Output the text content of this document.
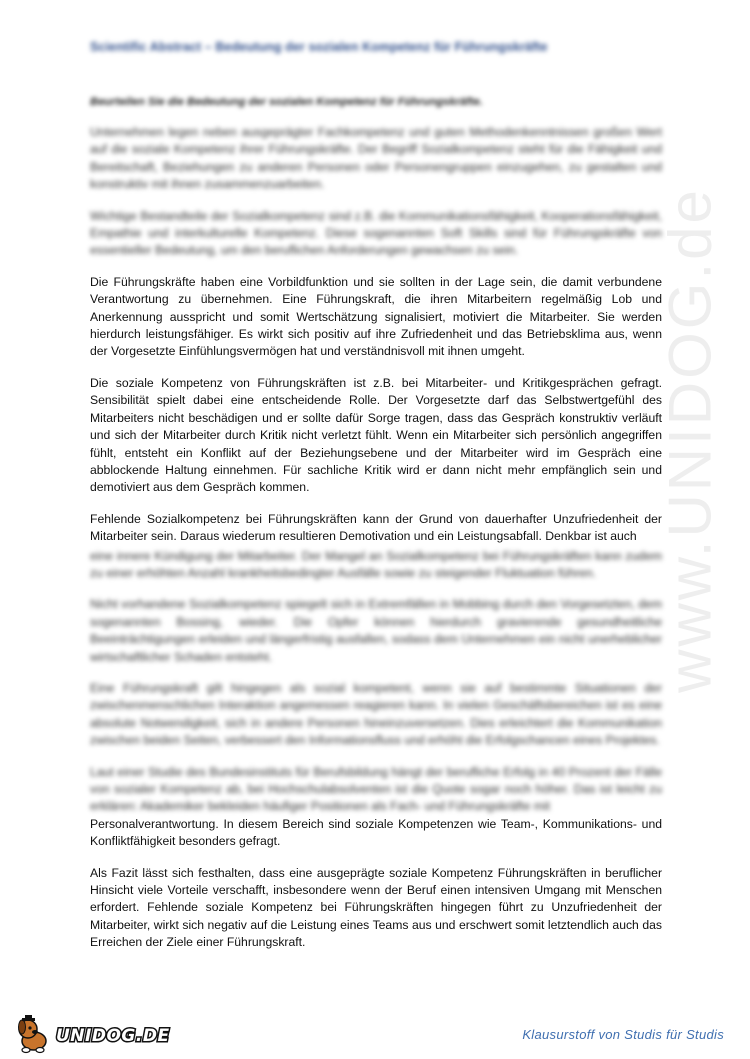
www.UNIDOG.de
Scientific Abstract – Bedeutung der sozialen Kompetenz für Führungskräfte
Beurteilen Sie die Bedeutung der sozialen Kompetenz für Führungskräfte.

Unternehmen legen neben ausgeprägter Fachkompetenz und guten Methodenkenntnissen großen Wert auf die soziale Kompetenz ihrer Führungskräfte. Der Begriff Sozialkompetenz steht für die Fähigkeit und Bereitschaft, Beziehungen zu anderen Personen oder Personengruppen einzugehen, zu gestalten und konstruktiv mit ihnen zusammenzuarbeiten.

Wichtige Bestandteile der Sozialkompetenz sind z.B. die Kommunikationsfähigkeit, Kooperationsfähigkeit, Empathie und interkulturelle Kompetenz. Diese sogenannten Soft Skills sind für Führungskräfte von essentieller Bedeutung, um den beruflichen Anforderungen gewachsen zu sein.

Die Führungskräfte haben eine Vorbildfunktion und sie sollten in der Lage sein, die damit verbundene Verantwortung zu übernehmen. Eine Führungskraft, die ihren Mitarbeitern regelmäßig Lob und Anerkennung ausspricht und somit Wertschätzung signalisiert, motiviert die Mitarbeiter. Sie werden hierdurch leistungsfähiger. Es wirkt sich positiv auf ihre Zufriedenheit und das Betriebsklima aus, wenn der Vorgesetzte Einfühlungsvermögen hat und verständnisvoll mit ihnen umgeht.

Die soziale Kompetenz von Führungskräften ist z.B. bei Mitarbeiter- und Kritikgesprächen gefragt. Sensibilität spielt dabei eine entscheidende Rolle. Der Vorgesetzte darf das Selbstwertgefühl des Mitarbeiters nicht beschädigen und er sollte dafür Sorge tragen, dass das Gespräch konstruktiv verläuft und sich der Mitarbeiter durch Kritik nicht verletzt fühlt. Wenn ein Mitarbeiter sich persönlich angegriffen fühlt, entsteht ein Konflikt auf der Beziehungsebene und der Mitarbeiter wird im Gespräch eine abblockende Haltung einnehmen. Für sachliche Kritik wird er dann nicht mehr empfänglich sein und demotiviert aus dem Gespräch kommen.

Fehlende Sozialkompetenz bei Führungskräften kann der Grund von dauerhafter Unzufriedenheit der Mitarbeiter sein. Daraus wiederum resultieren Demotivation und ein Leistungsabfall. Denkbar ist auch

eine innere Kündigung der Mitarbeiter. Der Mangel an Sozialkompetenz bei Führungskräften kann zudem zu einer erhöhten Anzahl krankheitsbedingter Ausfälle sowie zu steigender Fluktuation führen.

Nicht vorhandene Sozialkompetenz spiegelt sich in Extremfällen in Mobbing durch den Vorgesetzten, dem sogenannten Bossing, wieder. Die Opfer können hierdurch gravierende gesundheitliche Beeinträchtigungen erleiden und längerfristig ausfallen, sodass dem Unternehmen ein nicht unerheblicher wirtschaftlicher Schaden entsteht.

Eine Führungskraft gilt hingegen als sozial kompetent, wenn sie auf bestimmte Situationen der zwischenmenschlichen Interaktion angemessen reagieren kann. In vielen Geschäftsbereichen ist es eine absolute Notwendigkeit, sich in andere Personen hineinzuversetzen. Dies erleichtert die Kommunikation zwischen beiden Seiten, verbessert den Informationsfluss und erhöht die Erfolgschancen eines Projektes.

Laut einer Studie des Bundesinstituts für Berufsbildung hängt der berufliche Erfolg in 40 Prozent der Fälle von sozialer Kompetenz ab, bei Hochschulabsolventen ist die Quote sogar noch höher. Das ist leicht zu erklären: Akademiker bekleiden häufiger Positionen als Fach- und Führungskräfte mit

Personalverantwortung. In diesem Bereich sind soziale Kompetenzen wie Team-, Kommunikations- und Konfliktfähigkeit besonders gefragt.

Als Fazit lässt sich festhalten, dass eine ausgeprägte soziale Kompetenz Führungskräften in beruflicher Hinsicht viele Vorteile verschafft, insbesondere wenn der Beruf einen intensiven Umgang mit Menschen erfordert. Fehlende soziale Kompetenz bei Führungskräften hingegen führt zu Unzufriedenheit der Mitarbeiter, wirkt sich negativ auf die Leistung eines Teams aus und erschwert somit letztendlich auch das Erreichen der Ziele einer Führungskraft.

UNIDOG.DE	Klausurstoff von Studis für Studis
